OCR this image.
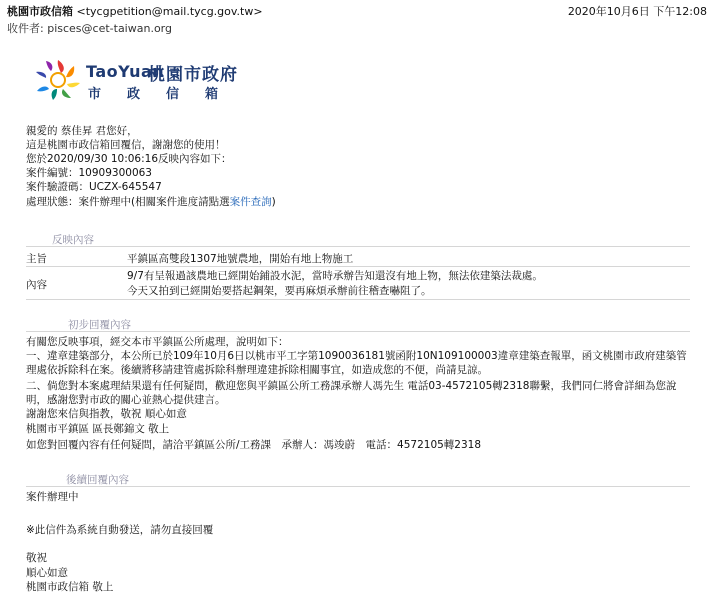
桃園市政信箱 <tycgpetition@mail.tycg.gov.tw>
收件者: pisces@cet-taiwan.org
2020年10月6日 下午12:08
TaoYuan
桃園市政府
市政信箱
親愛的 蔡佳昇 君您好，
這是桃園市政信箱回覆信，謝謝您的使用！
您於2020/09/30 10:06:16反映內容如下：
案件編號：10909300063
案件驗證碼：UCZX-645547
處理狀態：案件辦理中(相關案件進度請點選案件查詢)
反映內容
主旨	平鎮區高雙段1307地號農地，開始有地上物施工
內容
9/7有呈報過該農地已經開始鋪設水泥，當時承辦告知還沒有地上物，無法依建築法裁處。
今天又拍到已經開始要搭起鋼架，要再麻煩承辦前往稽查嚇阻了。
初步回覆內容
有關您反映事項，經交本市平鎮區公所處理，說明如下：
一、違章建築部分，本公所已於109年10月6日以桃市平工字第1090036181號函附10N109100003違章建築查報單，函文桃園市政府建築管
理處依拆除科在案。後續將移請建管處拆除科辦理違建拆除相關事宜，如造成您的不便，尚請見諒。
二、倘您對本案處理結果還有任何疑問，歡迎您與平鎮區公所工務課承辦人馮先生 電話03-4572105轉2318聯繫，我們同仁將會詳細為您說
明，感謝您對市政的關心並熱心提供建言。
謝謝您來信與指教，敬祝 順心如意
桃園市平鎮區 區長鄭錦文 敬上
如您對回覆內容有任何疑問，請洽平鎮區公所/工務課　承辦人：馮竣蔚　電話：4572105轉2318
後續回覆內容
案件辦理中
※此信件為系統自動發送，請勿直接回覆
敬祝
順心如意
桃園市政信箱 敬上
